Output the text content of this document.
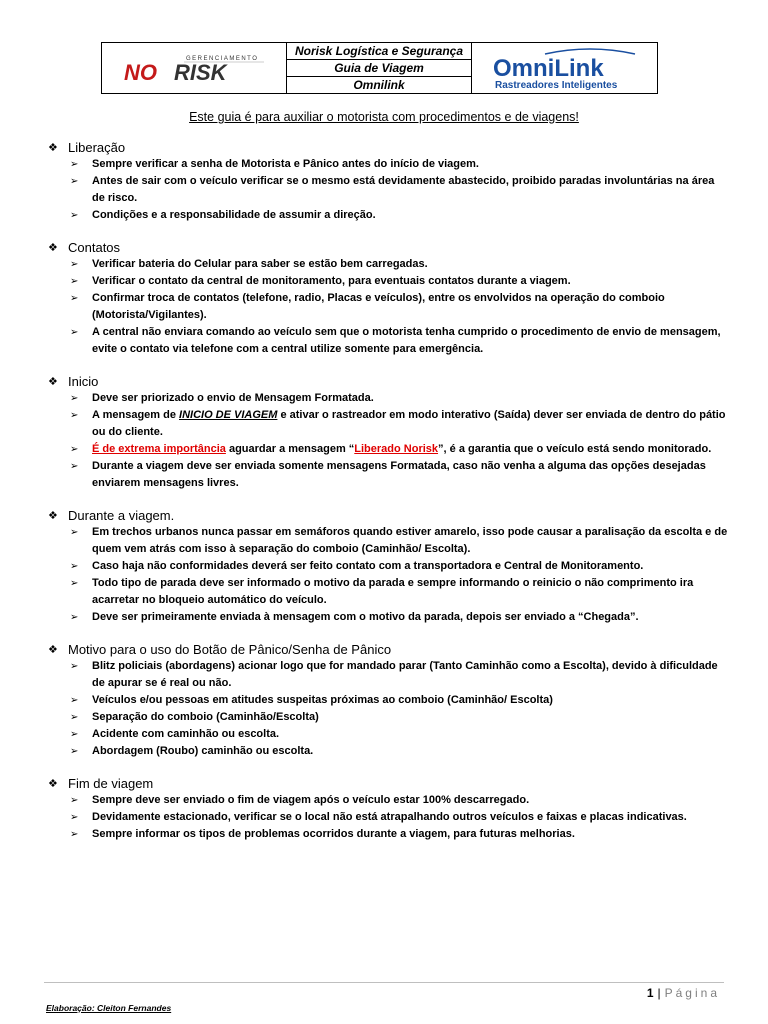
GERENCIAMENTO
NO RISK
Norisk Logística e Segurança
Guia de Viagem
Omnilink
OmniLink
Rastreadores Inteligentes
Este guia é para auxiliar o motorista com procedimentos e de viagens!
❖ Liberação
➢ Sempre verificar a senha de Motorista e Pânico antes do início de viagem.
➢ Antes de sair com o veículo verificar se o mesmo está devidamente abastecido, proibido paradas involuntárias na área de risco.
➢ Condições e a responsabilidade de assumir a direção.
❖ Contatos
➢ Verificar bateria do Celular para saber se estão bem carregadas.
➢ Verificar o contato da central de monitoramento, para eventuais contatos durante a viagem.
➢ Confirmar troca de contatos (telefone, radio, Placas e veículos), entre os envolvidos na operação do comboio (Motorista/Vigilantes).
➢ A central não enviara comando ao veículo sem que o motorista tenha cumprido o procedimento de envio de mensagem, evite o contato via telefone com a central utilize somente para emergência.
❖ Inicio
➢ Deve ser priorizado o envio de Mensagem Formatada.
➢ A mensagem de INICIO DE VIAGEM e ativar o rastreador em modo interativo (Saída) dever ser enviada de dentro do pátio ou do cliente.
➢ É de extrema importância aguardar a mensagem “Liberado Norisk”, é a garantia que o veículo está sendo monitorado.
➢ Durante a viagem deve ser enviada somente mensagens Formatada, caso não venha a alguma das opções desejadas enviarem mensagens livres.
❖ Durante a viagem.
➢ Em trechos urbanos nunca passar em semáforos quando estiver amarelo, isso pode causar a paralisação da escolta e de quem vem atrás com isso à separação do comboio (Caminhão/ Escolta).
➢ Caso haja não conformidades deverá ser feito contato com a transportadora e Central de Monitoramento.
➢ Todo tipo de parada deve ser informado o motivo da parada e sempre informando o reinicio o não comprimento ira acarretar no bloqueio automático do veículo.
➢ Deve ser primeiramente enviada à mensagem com o motivo da parada, depois ser enviado a “Chegada”.
❖ Motivo para o uso do Botão de Pânico/Senha de Pânico
➢ Blitz policiais (abordagens) acionar logo que for mandado parar (Tanto Caminhão como a Escolta), devido à dificuldade de apurar se é real ou não.
➢ Veículos e/ou pessoas em atitudes suspeitas próximas ao comboio (Caminhão/ Escolta)
➢ Separação do comboio (Caminhão/Escolta)
➢ Acidente com caminhão ou escolta.
➢ Abordagem (Roubo) caminhão ou escolta.
❖ Fim de viagem
➢ Sempre deve ser enviado o fim de viagem após o veículo estar 100% descarregado.
➢ Devidamente estacionado, verificar se o local não está atrapalhando outros veículos e faixas e placas indicativas.
➢ Sempre informar os tipos de problemas ocorridos durante a viagem, para futuras melhorias.
1 | Página
Elaboração: Cleiton Fernandes
